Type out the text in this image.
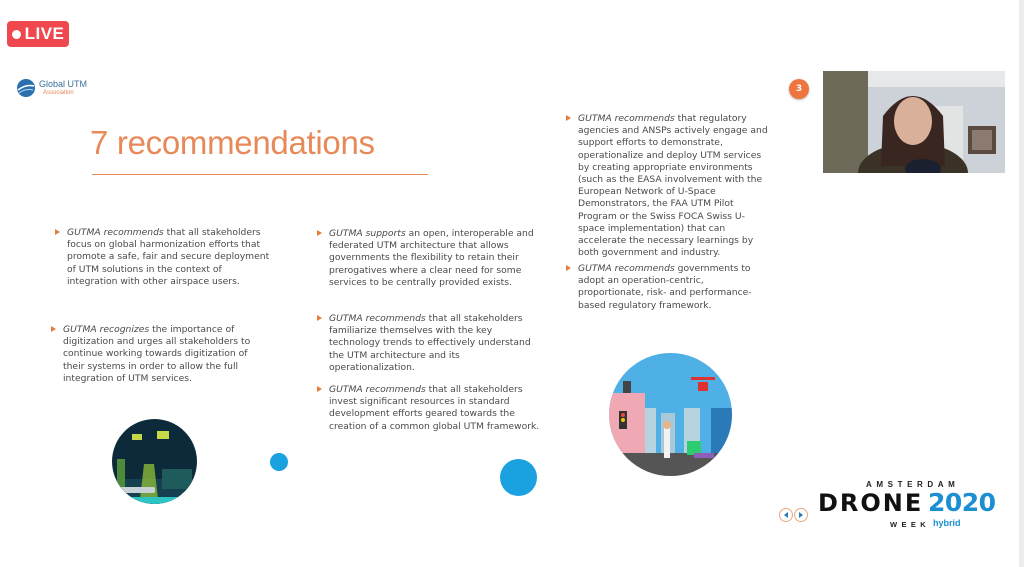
LIVE
Global UTM
Association
7 recommendations
GUTMA recommends that all stakeholders focus on global harmonization efforts that promote a safe, fair and secure deployment of UTM solutions in the context of integration with other airspace users.
GUTMA recognizes the importance of digitization and urges all stakeholders to continue working towards digitization of their systems in order to allow the full integration of UTM services.
GUTMA supports an open, interoperable and federated UTM architecture that allows governments the flexibility to retain their prerogatives where a clear need for some services to be centrally provided exists.
GUTMA recommends that all stakeholders familiarize themselves with the key technology trends to effectively understand the UTM architecture and its operationalization.
GUTMA recommends that all stakeholders invest significant resources in standard development efforts geared towards the creation of a common global UTM framework.
GUTMA recommends that regulatory agencies and ANSPs actively engage and support efforts to demonstrate, operationalize and deploy UTM services by creating appropriate environments (such as the EASA involvement with the European Network of U-Space Demonstrators, the FAA UTM Pilot Program or the Swiss FOCA Swiss U-space implementation) that can accelerate the necessary learnings by both government and industry.
GUTMA recommends governments to adopt an operation-centric, proportionate, risk- and performance-based regulatory framework.
3
AMSTERDAM
DRONE 2020
WEEK hybrid
